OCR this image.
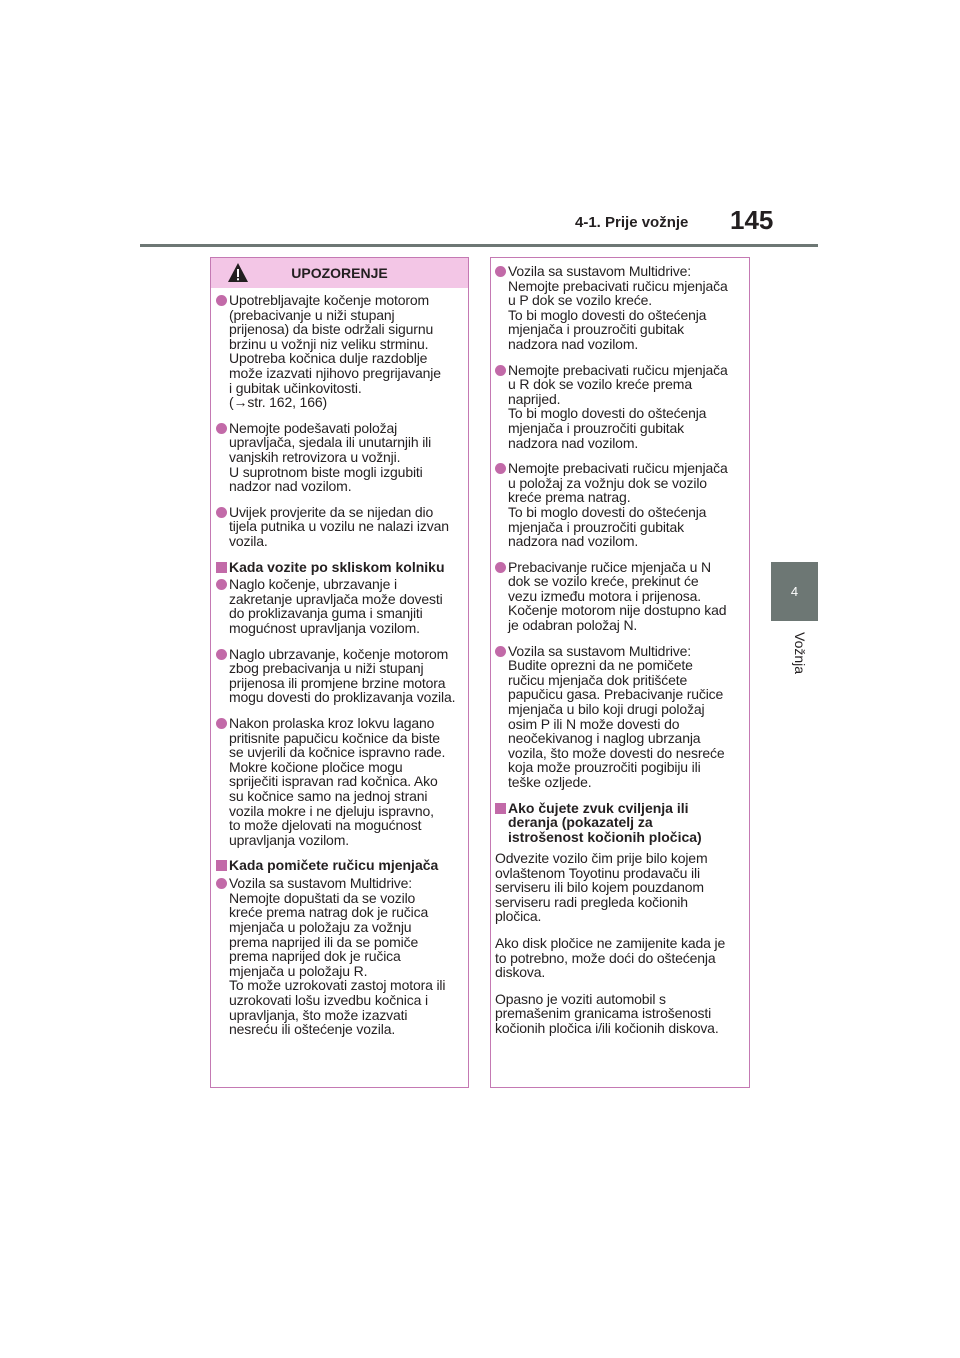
4-1. Prije vožnje 145
4
Vožnja
UPOZORENJE
Upotrebljavajte kočenje motorom
(prebacivanje u niži stupanj
prijenosa) da biste održali sigurnu
brzinu u vožnji niz veliku strminu.
Upotreba kočnica dulje razdoblje
može izazvati njihovo pregrijavanje
i gubitak učinkovitosti.
(→str. 162, 166)
Nemojte podešavati položaj
upravljača, sjedala ili unutarnjih ili
vanjskih retrovizora u vožnji.
U suprotnom biste mogli izgubiti
nadzor nad vozilom.
Uvijek provjerite da se nijedan dio
tijela putnika u vozilu ne nalazi izvan
vozila.
Kada vozite po skliskom kolniku
Naglo kočenje, ubrzavanje i
zakretanje upravljača može dovesti
do proklizavanja guma i smanjiti
mogućnost upravljanja vozilom.
Naglo ubrzavanje, kočenje motorom
zbog prebacivanja u niži stupanj
prijenosa ili promjene brzine motora
mogu dovesti do proklizavanja vozila.
Nakon prolaska kroz lokvu lagano
pritisnite papučicu kočnice da biste
se uvjerili da kočnice ispravno rade.
Mokre kočione pločice mogu
spriječiti ispravan rad kočnica. Ako
su kočnice samo na jednoj strani
vozila mokre i ne djeluju ispravno,
to može djelovati na mogućnost
upravljanja vozilom.
Kada pomičete ručicu mjenjača
Vozila sa sustavom Multidrive:
Nemojte dopuštati da se vozilo
kreće prema natrag dok je ručica
mjenjača u položaju za vožnju
prema naprijed ili da se pomiče
prema naprijed dok je ručica
mjenjača u položaju R.
To može uzrokovati zastoj motora ili
uzrokovati lošu izvedbu kočnica i
upravljanja, što može izazvati
nesreću ili oštećenje vozila.
Vozila sa sustavom Multidrive:
Nemojte prebacivati ručicu mjenjača
u P dok se vozilo kreće.
To bi moglo dovesti do oštećenja
mjenjača i prouzročiti gubitak
nadzora nad vozilom.
Nemojte prebacivati ručicu mjenjača
u R dok se vozilo kreće prema
naprijed.
To bi moglo dovesti do oštećenja
mjenjača i prouzročiti gubitak
nadzora nad vozilom.
Nemojte prebacivati ručicu mjenjača
u položaj za vožnju dok se vozilo
kreće prema natrag.
To bi moglo dovesti do oštećenja
mjenjača i prouzročiti gubitak
nadzora nad vozilom.
Prebacivanje ručice mjenjača u N
dok se vozilo kreće, prekinut će
vezu između motora i prijenosa.
Kočenje motorom nije dostupno kad
je odabran položaj N.
Vozila sa sustavom Multidrive:
Budite oprezni da ne pomičete
ručicu mjenjača dok pritišćete
papučicu gasa. Prebacivanje ručice
mjenjača u bilo koji drugi položaj
osim P ili N može dovesti do
neočekivanog i naglog ubrzanja
vozila, što može dovesti do nesreće
koja može prouzročiti pogibiju ili
teške ozljede.
Ako čujete zvuk cviljenja ili
deranja (pokazatelj za
istrošenost kočionih pločica)
Odvezite vozilo čim prije bilo kojem
ovlaštenom Toyotinu prodavaču ili
serviseru ili bilo kojem pouzdanom
serviseru radi pregleda kočionih
pločica.
Ako disk pločice ne zamijenite kada je
to potrebno, može doći do oštećenja
diskova.
Opasno je voziti automobil s
premašenim granicama istrošenosti
kočionih pločica i/ili kočionih diskova.
